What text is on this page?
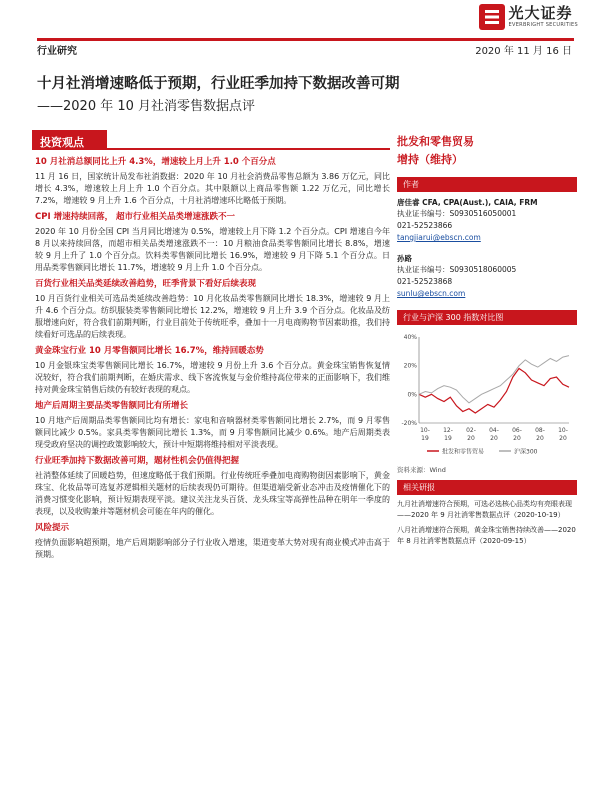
光大证券
EVERBRIGHT SECURITIES
行业研究	2020 年 11 月 16 日
十月社消增速略低于预期，行业旺季加持下数据改善可期
——2020 年 10 月社消零售数据点评
投资观点
10 月社消总额同比上升 4.3%，增速较上月上升 1.0 个百分点
11 月 16 日，国家统计局发布社消数据：2020 年 10 月社会消费品零售总额为 3.86 万亿元，同比增长 4.3%，增速较上月上升 1.0 个百分点。其中限额以上商品零售额 1.22 万亿元，同比增长 7.2%，增速较 9 月上升 1.6 个百分点，十月社消增速环比略低于预期。
CPI 增速持续回落， 超市行业相关品类增速涨跌不一
2020 年 10 月份全国 CPI 当月同比增速为 0.5%，增速较上月下降 1.2 个百分点。CPI 增速自今年 8 月以来持续回落，而超市相关品类增速涨跌不一：10 月粮油食品类零售额同比增长 8.8%，增速较 9 月上升了 1.0 个百分点。饮料类零售额同比增长 16.9%，增速较 9 月下降 5.1 个百分点。日用品类零售额同比增长 11.7%，增速较 9 月上升 1.0 个百分点。
百货行业相关品类延续改善趋势，旺季背景下看好后续表现
10 月百货行业相关可选品类延续改善趋势：10 月化妆品类零售额同比增长 18.3%，增速较 9 月上升 4.6 个百分点。纺织服装类零售额同比增长 12.2%，增速较 9 月上升 3.9 个百分点。化妆品及纺服增速向好，符合我们前期判断，行业目前处于传统旺季，叠加十一月电商购物节因素助推，我们持续看好可选品的后续表现。
黄金珠宝行业 10 月零售额同比增长 16.7%，维持回暖态势
10 月金银珠宝类零售额同比增长 16.7%，增速较 9 月份上升 3.6 个百分点。黄金珠宝销售恢复情况较好，符合我们前期判断，在婚庆需求、线下客流恢复与金价维持高位带来的正面影响下，我们维持对黄金珠宝销售后续仍有较好表现的观点。
地产后周期主要品类零售额同比有所增长
10 月地产后周期品类零售额同比均有增长：家电和音响器材类零售额同比增长 2.7%，而 9 月零售额同比减少 0.5%。家具类零售额同比增长 1.3%，而 9 月零售额同比减少 0.6%。地产后周期类表现受政府坚决的调控政策影响较大，预计中短期将维持相对平淡表现。
行业旺季加持下数据改善可期，题材性机会仍值得把握
社消整体延续了回暖趋势，但速度略低于我们预期。行业传统旺季叠加电商购物街因素影响下，黄金珠宝、化妆品等可选复苏逻辑相关题材的后续表现仍可期待。但渠道端受新业态冲击及疫情催化下的消费习惯变化影响，预计短期表现平淡。建议关注龙头百货、龙头珠宝等高弹性品种在明年一季度的表现，以及收购兼并等题材机会可能在年内的催化。
风险提示
疫情负面影响超预期，地产后周期影响部分子行业收入增速，渠道变革大势对现有商业模式冲击高于预期。
批发和零售贸易
增持（维持）
作者
唐佳睿 CFA, CPA(Aust.), CAIA, FRM
执业证书编号：S0930516050001
021-52523866
tangjiarui@ebscn.com
孙路
执业证书编号：S0930518060005
021-52523868
sunlu@ebscn.com
行业与沪深 300 指数对比图
40%
20%
0%
-20%
10-19
12-19
02-20
04-20
06-20
08-20
10-20
批发和零售贸易	沪深300
资料来源：Wind
相关研报
九月社消增速符合预期，可选必选核心品类均有亮眼表现——2020 年 9 月社消零售数据点评（2020-10-19）
八月社消增速符合预期，黄金珠宝销售持续改善——2020 年 8 月社消零售数据点评（2020-09-15）
